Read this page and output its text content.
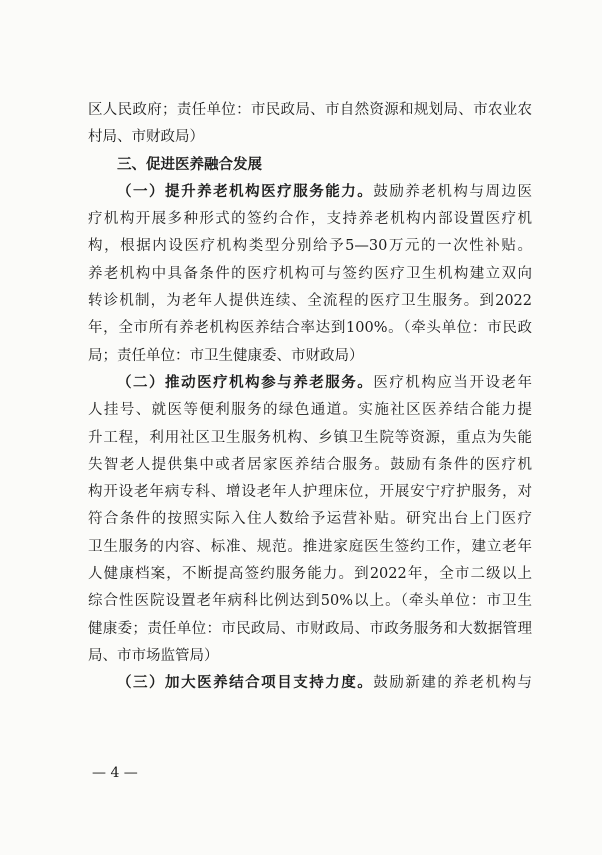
区人民政府；责任单位：市民政局、市自然资源和规划局、市农业农
村局、市财政局）
三、促进医养融合发展
（一）提升养老机构医疗服务能力。鼓励养老机构与周边医
疗机构开展多种形式的签约合作，支持养老机构内部设置医疗机
构，根据内设医疗机构类型分别给予5—30万元的一次性补贴。
养老机构中具备条件的医疗机构可与签约医疗卫生机构建立双向
转诊机制，为老年人提供连续、全流程的医疗卫生服务。到2022
年，全市所有养老机构医养结合率达到100%。（牵头单位：市民政
局；责任单位：市卫生健康委、市财政局）
（二）推动医疗机构参与养老服务。医疗机构应当开设老年
人挂号、就医等便利服务的绿色通道。实施社区医养结合能力提
升工程，利用社区卫生服务机构、乡镇卫生院等资源，重点为失能
失智老人提供集中或者居家医养结合服务。鼓励有条件的医疗机
构开设老年病专科、增设老年人护理床位，开展安宁疗护服务，对
符合条件的按照实际入住人数给予运营补贴。研究出台上门医疗
卫生服务的内容、标准、规范。推进家庭医生签约工作，建立老年
人健康档案，不断提高签约服务能力。到2022年，全市二级以上
综合性医院设置老年病科比例达到50%以上。（牵头单位：市卫生
健康委；责任单位：市民政局、市财政局、市政务服务和大数据管理
局、市市场监管局）
（三）加大医养结合项目支持力度。鼓励新建的养老机构与
— 4 —
